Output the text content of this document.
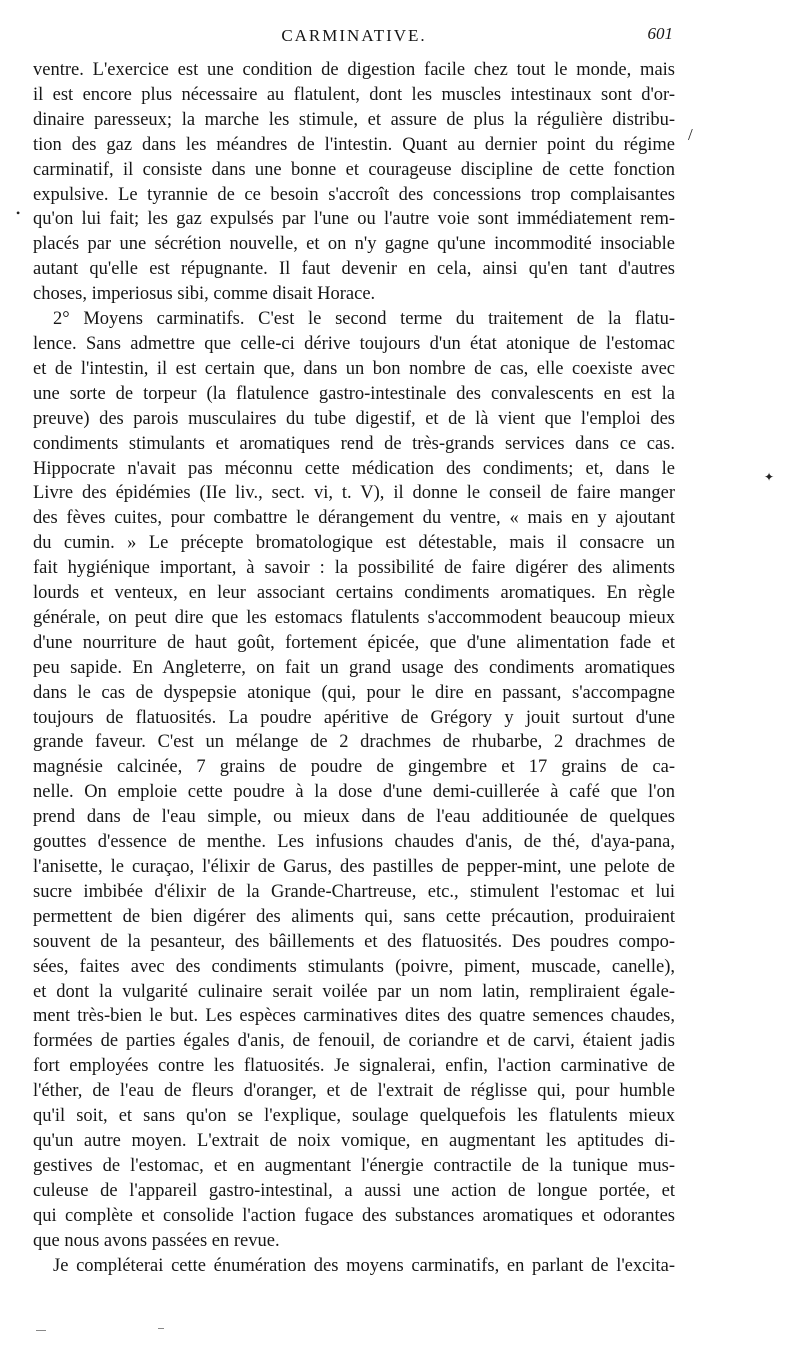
CARMINATIVE.	601

ventre. L'exercice est une condition de digestion facile chez tout le monde, mais

il est encore plus nécessaire au flatulent, dont les muscles intestinaux sont d'or-

dinaire paresseux; la marche les stimule, et assure de plus la régulière distribu-

tion des gaz dans les méandres de l'intestin. Quant au dernier point du régime

carminatif, il consiste dans une bonne et courageuse discipline de cette fonction

expulsive. Le tyrannie de ce besoin s'accroît des concessions trop complaisantes

qu'on lui fait; les gaz expulsés par l'une ou l'autre voie sont immédiatement rem-

placés par une sécrétion nouvelle, et on n'y gagne qu'une incommodité insociable

autant qu'elle est répugnante. Il faut devenir en cela, ainsi qu'en tant d'autres

choses, imperiosus sibi, comme disait Horace.

2° Moyens carminatifs. C'est le second terme du traitement de la flatu-

lence. Sans admettre que celle-ci dérive toujours d'un état atonique de l'estomac

et de l'intestin, il est certain que, dans un bon nombre de cas, elle coexiste avec

une sorte de torpeur (la flatulence gastro-intestinale des convalescents en est la

preuve) des parois musculaires du tube digestif, et de là vient que l'emploi des

condiments stimulants et aromatiques rend de très-grands services dans ce cas.

Hippocrate n'avait pas méconnu cette médication des condiments; et, dans le

Livre des épidémies (IIe liv., sect. vi, t. V), il donne le conseil de faire manger

des fèves cuites, pour combattre le dérangement du ventre, « mais en y ajoutant

du cumin. » Le précepte bromatologique est détestable, mais il consacre un

fait hygiénique important, à savoir : la possibilité de faire digérer des aliments

lourds et venteux, en leur associant certains condiments aromatiques. En règle

générale, on peut dire que les estomacs flatulents s'accommodent beaucoup mieux

d'une nourriture de haut goût, fortement épicée, que d'une alimentation fade et

peu sapide. En Angleterre, on fait un grand usage des condiments aromatiques

dans le cas de dyspepsie atonique (qui, pour le dire en passant, s'accompagne

toujours de flatuosités. La poudre apéritive de Grégory y jouit surtout d'une

grande faveur. C'est un mélange de 2 drachmes de rhubarbe, 2 drachmes de

magnésie calcinée, 7 grains de poudre de gingembre et 17 grains de ca-

nelle. On emploie cette poudre à la dose d'une demi-cuillerée à café que l'on

prend dans de l'eau simple, ou mieux dans de l'eau additiounée de quelques

gouttes d'essence de menthe. Les infusions chaudes d'anis, de thé, d'aya-pana,

l'anisette, le curaçao, l'élixir de Garus, des pastilles de pepper-mint, une pelote de

sucre imbibée d'élixir de la Grande-Chartreuse, etc., stimulent l'estomac et lui

permettent de bien digérer des aliments qui, sans cette précaution, produiraient

souvent de la pesanteur, des bâillements et des flatuosités. Des poudres compo-

sées, faites avec des condiments stimulants (poivre, piment, muscade, canelle),

et dont la vulgarité culinaire serait voilée par un nom latin, rempliraient égale-

ment très-bien le but. Les espèces carminatives dites des quatre semences chaudes,

formées de parties égales d'anis, de fenouil, de coriandre et de carvi, étaient jadis

fort employées contre les flatuosités. Je signalerai, enfin, l'action carminative de

l'éther, de l'eau de fleurs d'oranger, et de l'extrait de réglisse qui, pour humble

qu'il soit, et sans qu'on se l'explique, soulage quelquefois les flatulents mieux

qu'un autre moyen. L'extrait de noix vomique, en augmentant les aptitudes di-

gestives de l'estomac, et en augmentant l'énergie contractile de la tunique mus-

culeuse de l'appareil gastro-intestinal, a aussi une action de longue portée, et

qui complète et consolide l'action fugace des substances aromatiques et odorantes

que nous avons passées en revue.

Je compléterai cette énumération des moyens carminatifs, en parlant de l'excita-

/
•
✦
